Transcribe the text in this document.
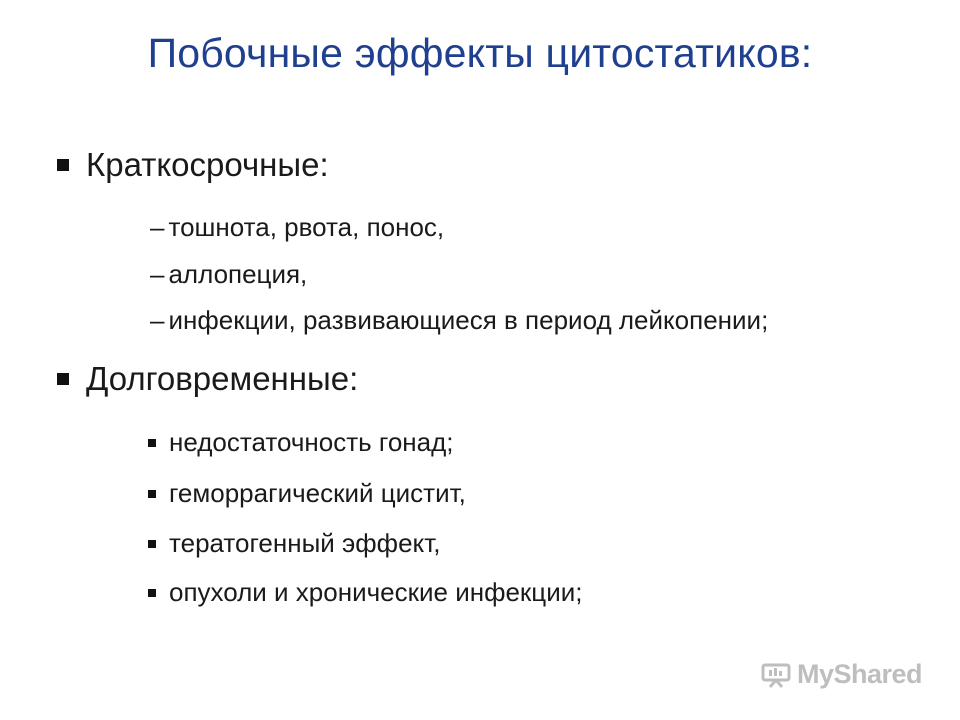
Побочные эффекты цитостатиков:
Краткосрочные:
– тошнота, рвота, понос,
– аллопеция,
– инфекции, развивающиеся в период лейкопении;
Долговременные:
недостаточность гонад;
геморрагический цистит,
тератогенный эффект,
опухоли и хронические инфекции;
MyShared
